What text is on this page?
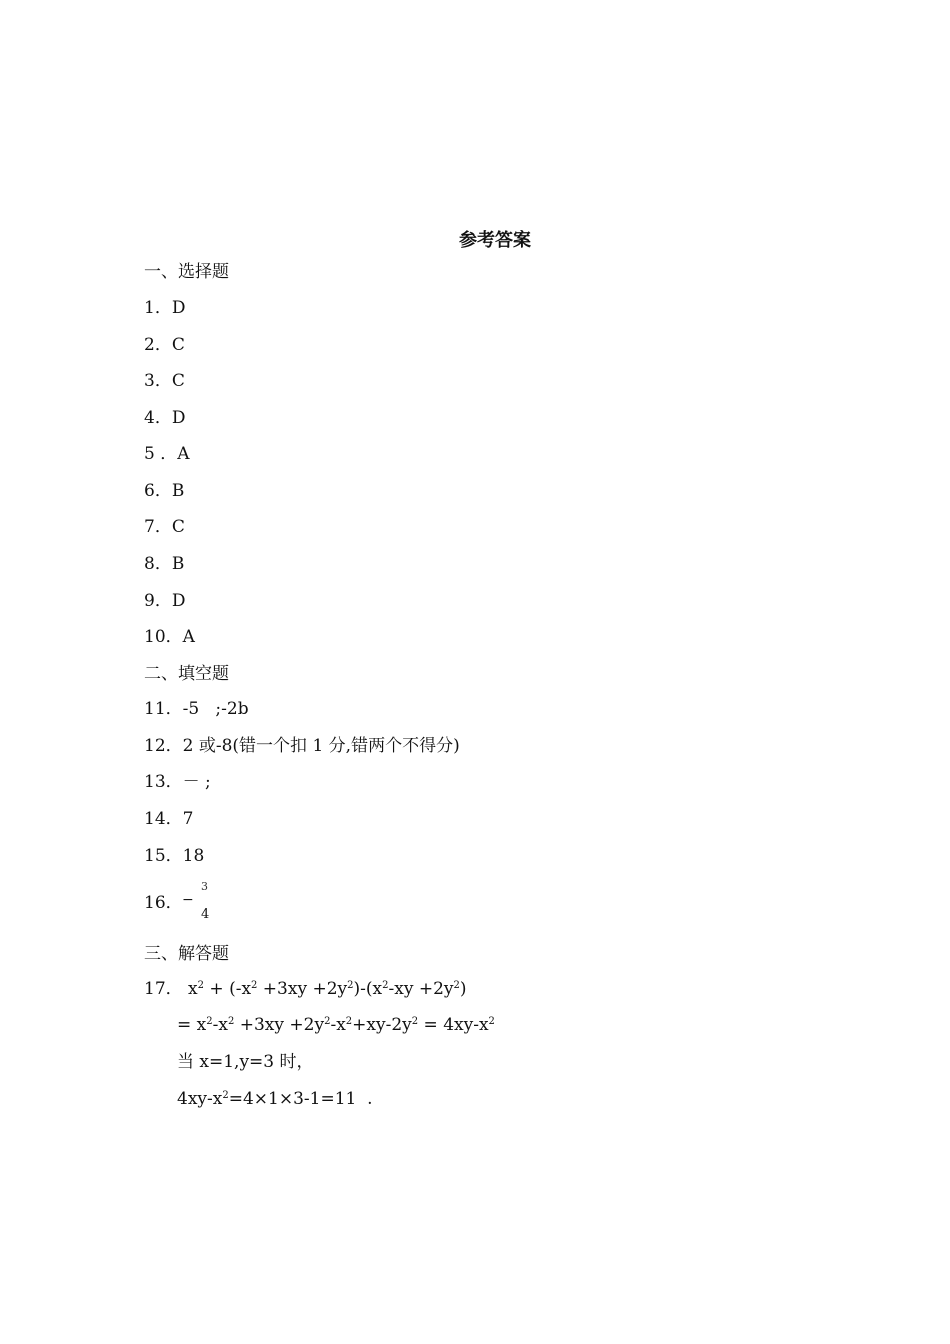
参考答案
一、选择题
1．D
2．C
3．C
4．D
5 ．A
6．B
7．C
8．B
9．D
10．A
二、填空题
11．-5   ;-2b
12．2 或-8(错一个扣 1 分,错两个不得分)
13．－ ;
14．7
15．18
16． −
3
4
三、解答题
17． $x^2 + (-x^2 +3xy +2y^2)-(x^2-xy +2y^2)$
= $x^2-x^2 +3xy +2y^2-x^2+xy-2y^2 = 4xy-x^2$
当 x=1,y=3 时，
$4xy-x^2=4\times 1\times 3-1=11$  .
